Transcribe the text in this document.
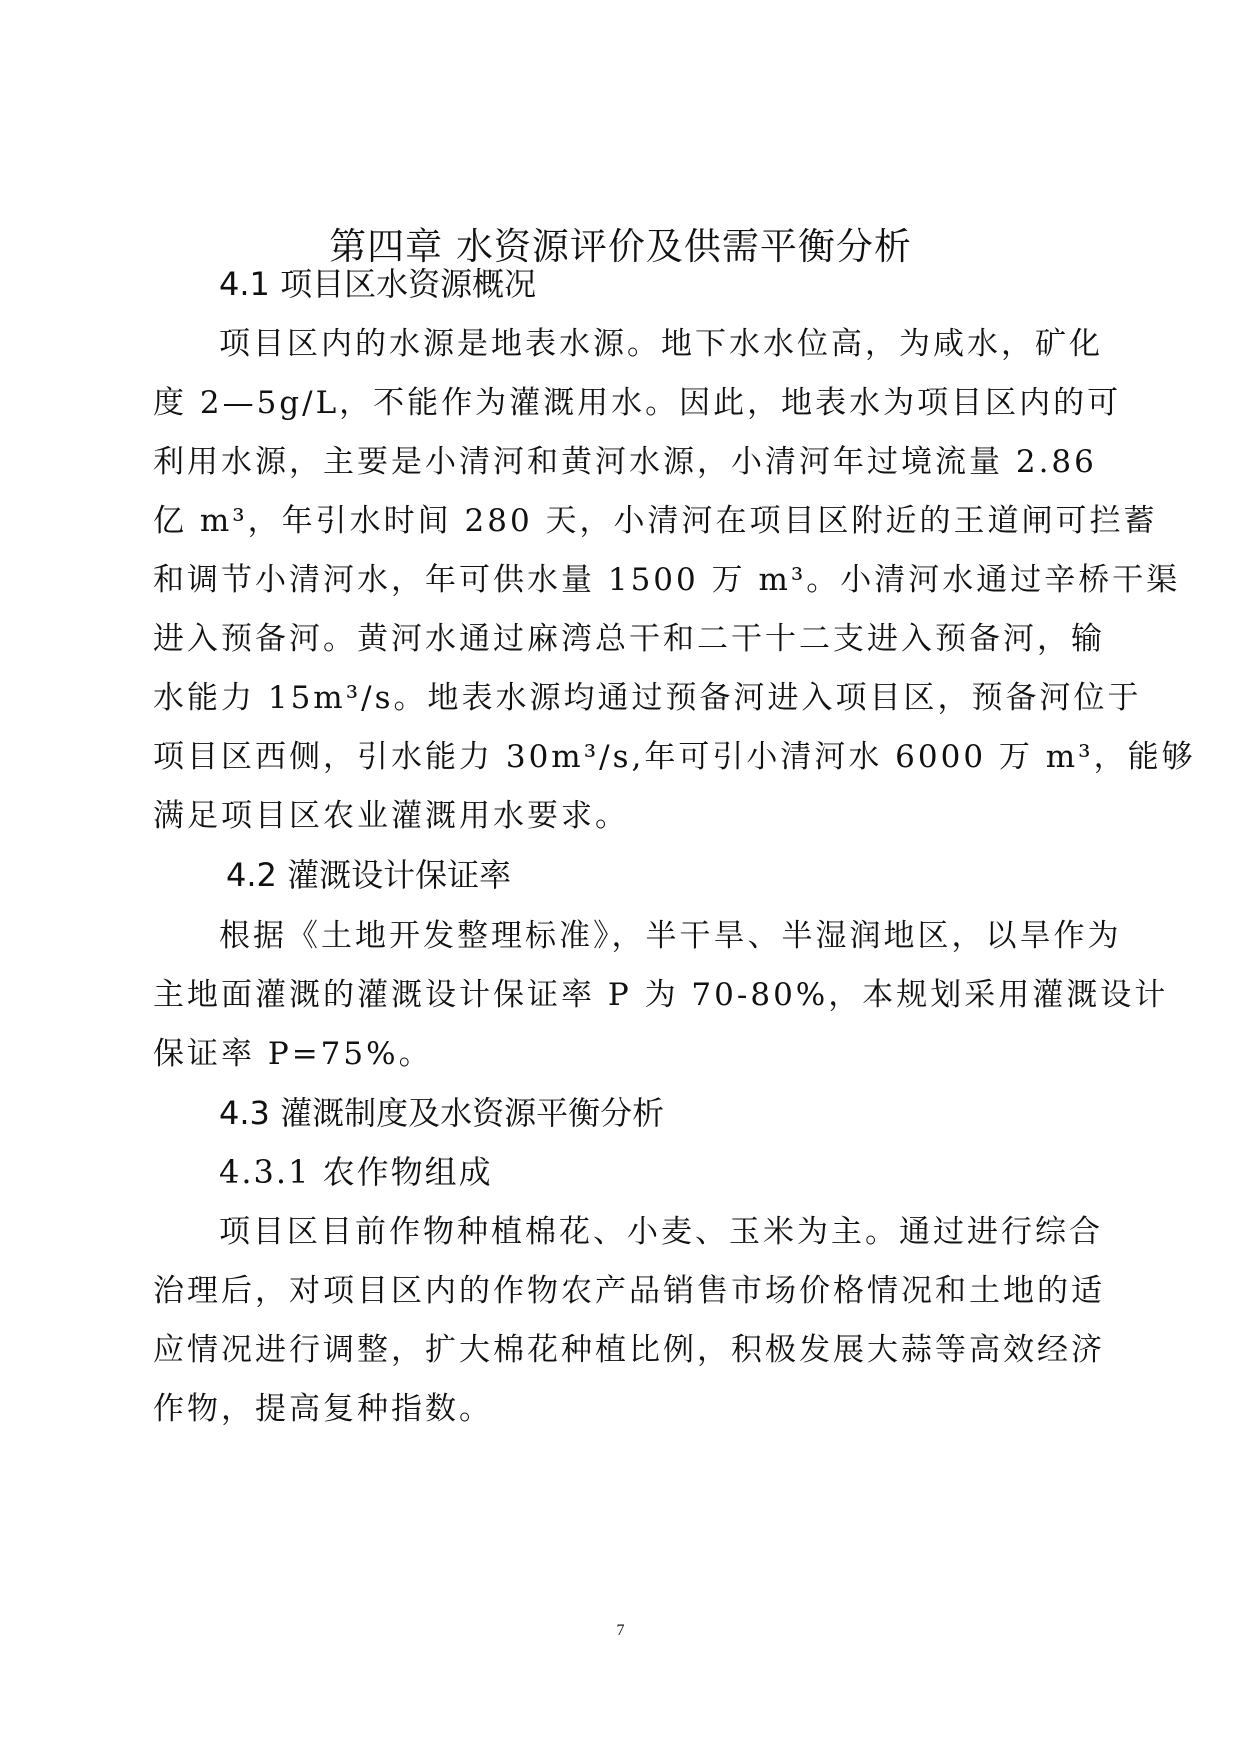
第四章 水资源评价及供需平衡分析
4.1 项目区水资源概况
项目区内的水源是地表水源。地下水水位高，为咸水，矿化
度 2—5g/L，不能作为灌溉用水。因此，地表水为项目区内的可
利用水源，主要是小清河和黄河水源，小清河年过境流量 2.86
亿 m³，年引水时间 280 天，小清河在项目区附近的王道闸可拦蓄
和调节小清河水，年可供水量 1500 万 m³。小清河水通过辛桥干渠
进入预备河。黄河水通过麻湾总干和二干十二支进入预备河，输
水能力 15m³/s。地表水源均通过预备河进入项目区，预备河位于
项目区西侧，引水能力 30m³/s,年可引小清河水 6000 万 m³，能够
满足项目区农业灌溉用水要求。
4.2 灌溉设计保证率
根据《土地开发整理标准》，半干旱、半湿润地区，以旱作为
主地面灌溉的灌溉设计保证率 P 为 70-80%，本规划采用灌溉设计
保证率 P=75%。
4.3 灌溉制度及水资源平衡分析
4.3.1 农作物组成
项目区目前作物种植棉花、小麦、玉米为主。通过进行综合
治理后，对项目区内的作物农产品销售市场价格情况和土地的适
应情况进行调整，扩大棉花种植比例，积极发展大蒜等高效经济
作物，提高复种指数。
7
